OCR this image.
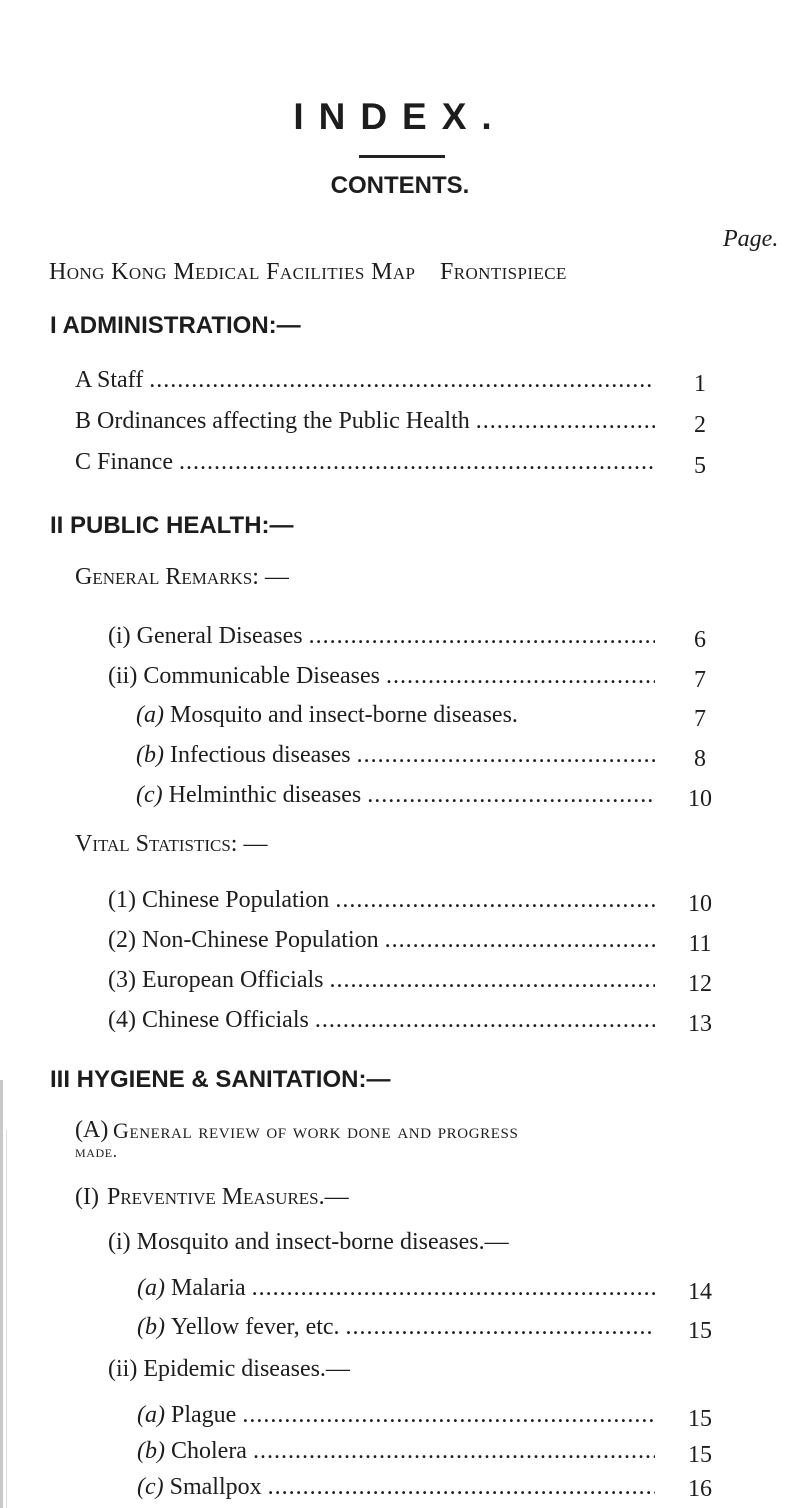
INDEX.
CONTENTS.
Page.
Hong Kong Medical Facilities Map Frontispiece
I ADMINISTRATION:—
A Staff .....	1
B Ordinances affecting the Public Health .....	2
C Finance .....	5
II PUBLIC HEALTH:—
General Remarks: —
(i)
General Diseases .....	6
(ii)
Communicable Diseases .....	7
(a)
Mosquito and insect-borne diseases.	7
(b)
Infectious diseases .....	8
(c)
Helminthic diseases .....	10
Vital Statistics: —
(1)
Chinese Population .....	10
(2)
Non-Chinese Population .....	11
(3)
European Officials .....	12
(4)
Chinese Officials .....	13
III HYGIENE & SANITATION:—
(A) General review of work done and progress
made.
(I) Preventive Measures.—
(i) Mosquito and insect-borne diseases.—
(a)
Malaria .....	14
(b)
Yellow fever, etc. .....	15
(ii) Epidemic diseases.—
(a)
Plague .....	15
(b)
Cholera .....	15
(c)
Smallpox .....	16
